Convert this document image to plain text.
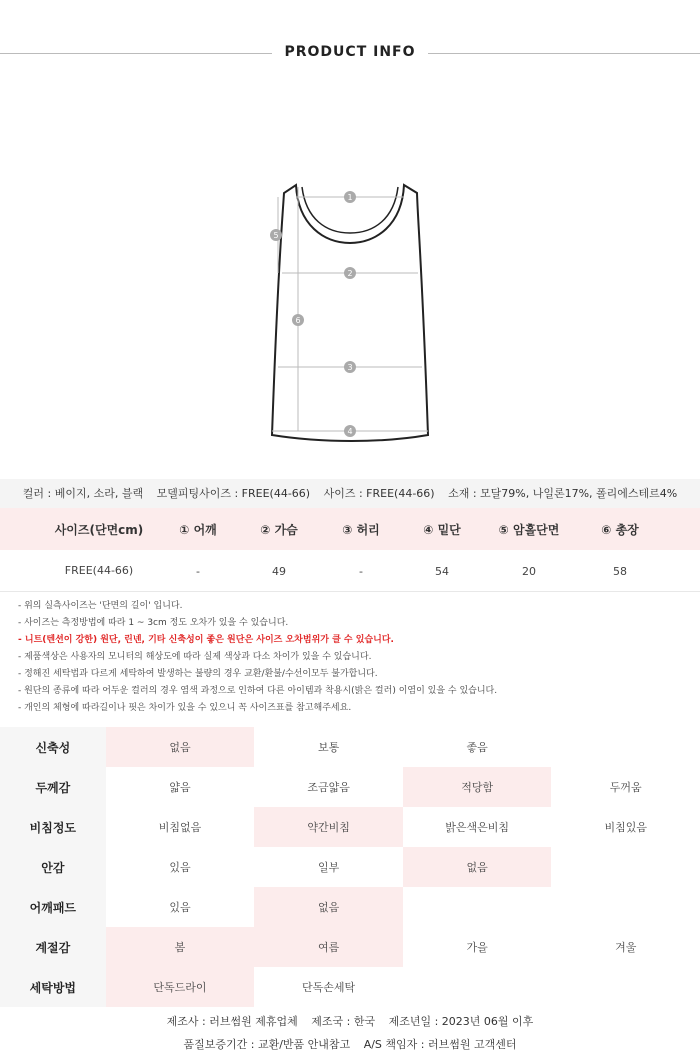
PRODUCT INFO
1
2
3
4
5
6
컬러 : 베이지, 소라, 블랙 모델피팅사이즈 : FREE(44-66) 사이즈 : FREE(44-66) 소재 : 모달79%, 나일론17%, 폴리에스테르4%
사이즈(단면cm)	① 어깨	② 가슴	③ 허리	④ 밑단	⑤ 암홀단면	⑥ 총장
FREE(44-66)	-	49	-	54	20	58
- 위의 실측사이즈는 '단면의 길이' 입니다.
- 사이즈는 측정방법에 따라 1 ~ 3cm 정도 오차가 있을 수 있습니다.
- 니트(텐션이 강한) 원단, 린넨, 기타 신축성이 좋은 원단은 사이즈 오차범위가 클 수 있습니다.
- 제품색상은 사용자의 모니터의 해상도에 따라 실제 색상과 다소 차이가 있을 수 있습니다.
- 정해진 세탁법과 다르게 세탁하여 발생하는 불량의 경우 교환/환불/수선이모두 불가합니다.
- 원단의 종류에 따라 어두운 컬러의 경우 염색 과정으로 인하여 다른 아이템과 착용시(밝은 컬러) 이염이 있을 수 있습니다.
- 개인의 체형에 따라길이나 핏은 차이가 있을 수 있으니 꼭 사이즈표를 참고해주세요.
신축성	없음	보통	좋음
두께감	얇음	조금얇음	적당함	두꺼움
비침정도	비침없음	약간비침	밝은색은비침	비침있음
안감	있음	일부	없음
어깨패드	있음	없음
계절감	봄	여름	가을	겨울
세탁방법	단독드라이	단독손세탁
제조사 : 러브썸원 제휴업체 제조국 : 한국 제조년일 : 2023년 06월 이후
품질보증기간 : 교환/반품 안내참고 A/S 책임자 : 러브썸원 고객센터
